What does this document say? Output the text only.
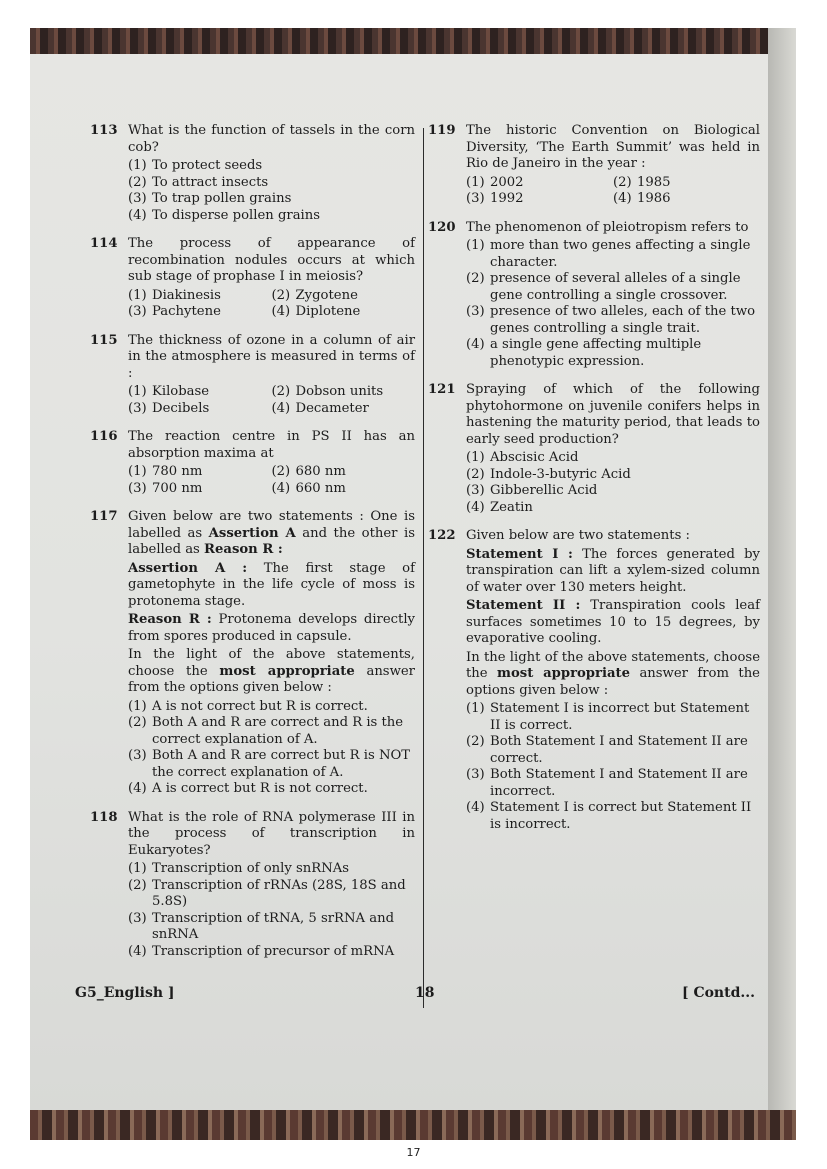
113 What is the function of tassels in the corn cob?
(1) To protect seeds
(2) To attract insects
(3) To trap pollen grains
(4) To disperse pollen grains
114 The process of appearance of recombination nodules occurs at which sub stage of prophase I in meiosis?
(1) Diakinesis	(2) Zygotene
(3) Pachytene	(4) Diplotene
115 The thickness of ozone in a column of air in the atmosphere is measured in terms of :
(1) Kilobase	(2) Dobson units
(3) Decibels	(4) Decameter
116 The reaction centre in PS II has an absorption maxima at
(1) 780 nm	(2) 680 nm
(3) 700 nm	(4) 660 nm
117 Given below are two statements : One is labelled as Assertion A and the other is labelled as Reason R :
Assertion A : The first stage of gametophyte in the life cycle of moss is protonema stage.
Reason R : Protonema develops directly from spores produced in capsule.
In the light of the above statements, choose the most appropriate answer from the options given below :
(1) A is not correct but R is correct.
(2) Both A and R are correct and R is the correct explanation of A.
(3) Both A and R are correct but R is NOT the correct explanation of A.
(4) A is correct but R is not correct.
118 What is the role of RNA polymerase III in the process of transcription in Eukaryotes?
(1) Transcription of only snRNAs
(2) Transcription of rRNAs (28S, 18S and 5.8S)
(3) Transcription of tRNA, 5 srRNA and snRNA
(4) Transcription of precursor of mRNA
119 The historic Convention on Biological Diversity, ‘The Earth Summit’ was held in Rio de Janeiro in the year :
(1) 2002	(2) 1985
(3) 1992	(4) 1986
120 The phenomenon of pleiotropism refers to
(1) more than two genes affecting a single character.
(2) presence of several alleles of a single gene controlling a single crossover.
(3) presence of two alleles, each of the two genes controlling a single trait.
(4) a single gene affecting multiple phenotypic expression.
121 Spraying of which of the following phytohormone on juvenile conifers helps in hastening the maturity period, that leads to early seed production?
(1) Abscisic Acid
(2) Indole-3-butyric Acid
(3) Gibberellic Acid
(4) Zeatin
122 Given below are two statements :
Statement I : The forces generated by transpiration can lift a xylem-sized column of water over 130 meters height.
Statement II : Transpiration cools leaf surfaces sometimes 10 to 15 degrees, by evaporative cooling.
In the light of the above statements, choose the most appropriate answer from the options given below :
(1) Statement I is incorrect but Statement II is correct.
(2) Both Statement I and Statement II are correct.
(3) Both Statement I and Statement II are incorrect.
(4) Statement I is correct but Statement II is incorrect.
G5_English ]	18	[ Contd...
17
